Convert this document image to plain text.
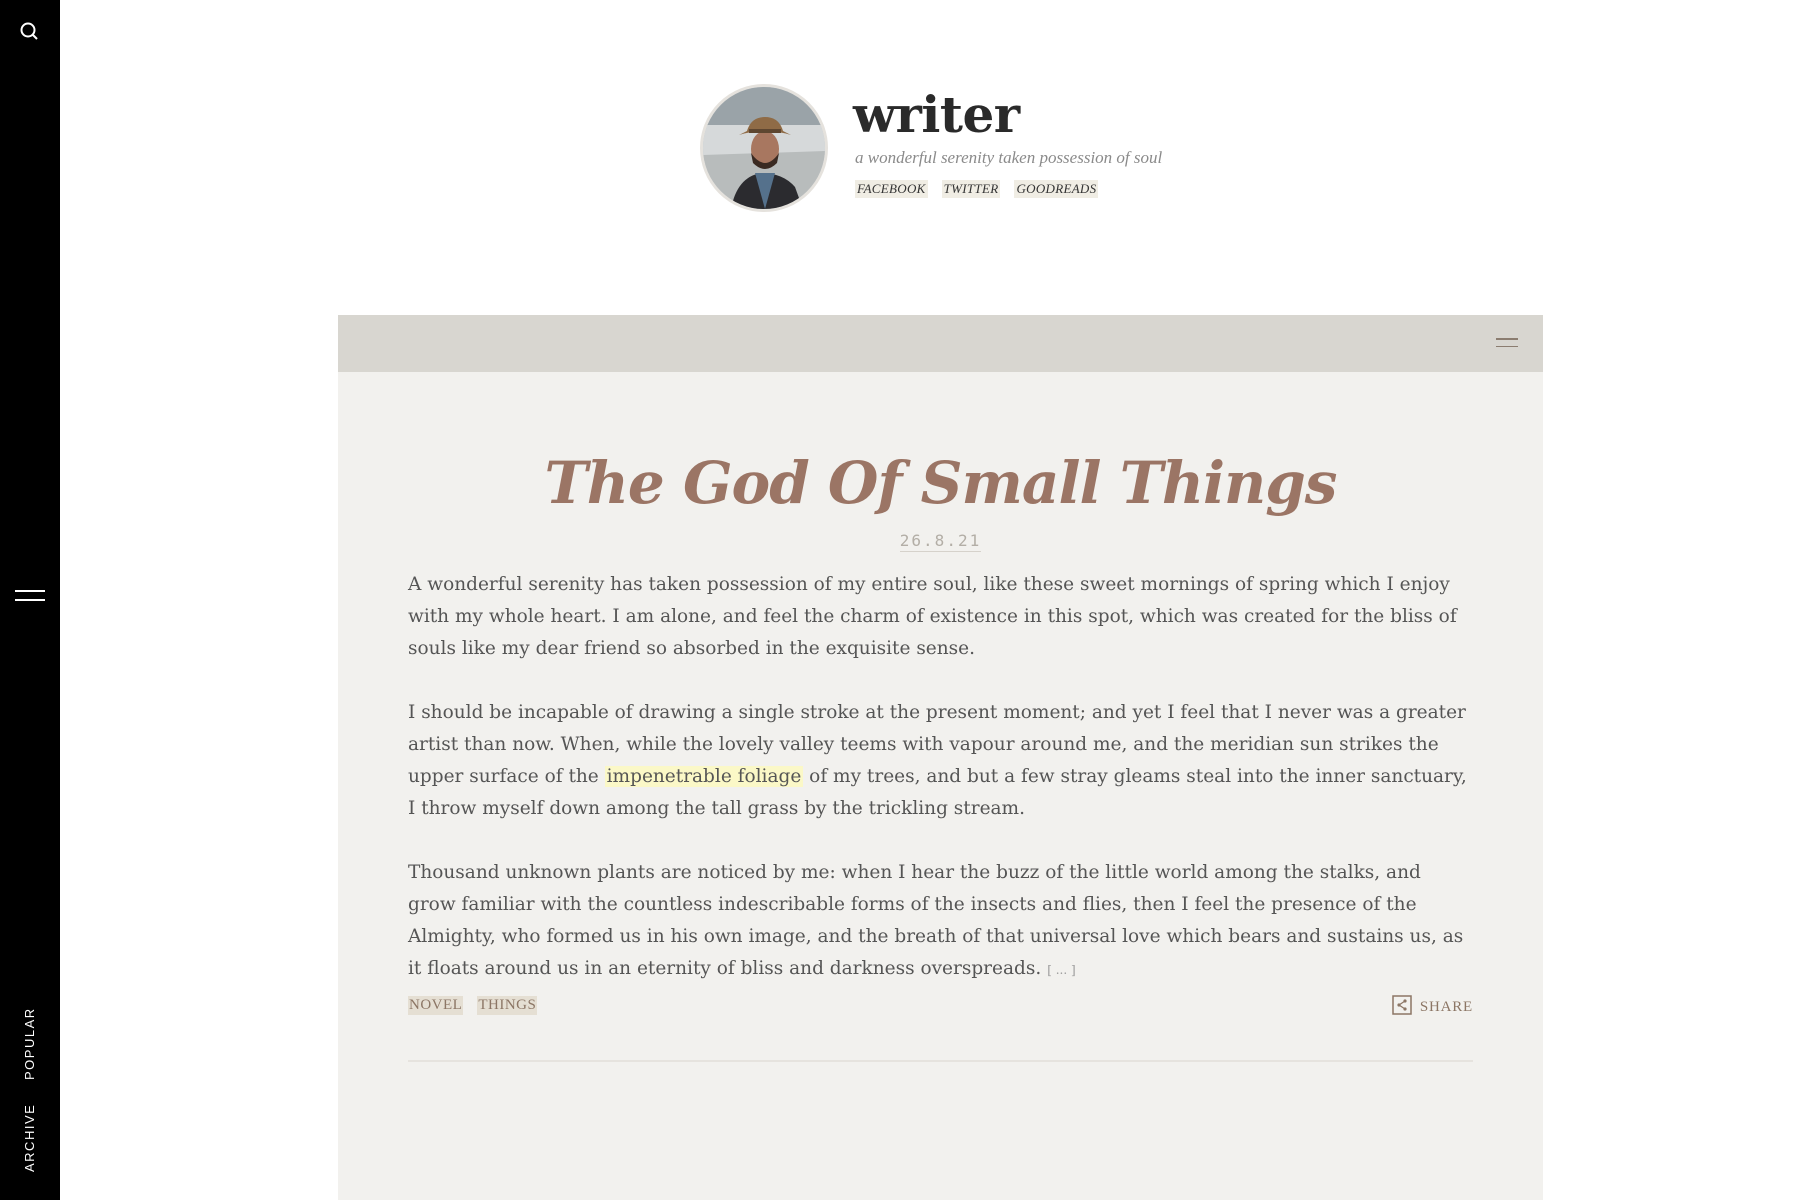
POPULAR
ARCHIVE
writer
a wonderful serenity taken possession of soul
FACEBOOK TWITTER GOODREADS
The God Of Small Things
26.8.21

A wonderful serenity has taken possession of my entire soul, like these sweet mornings of spring which I enjoy with my whole heart. I am alone, and feel the charm of existence in this spot, which was created for the bliss of souls like my dear friend so absorbed in the exquisite sense.

I should be incapable of drawing a single stroke at the present moment; and yet I feel that I never was a greater artist than now. When, while the lovely valley teems with vapour around me, and the meridian sun strikes the upper surface of the impenetrable foliage of my trees, and but a few stray gleams steal into the inner sanctuary, I throw myself down among the tall grass by the trickling stream.

Thousand unknown plants are noticed by me: when I hear the buzz of the little world among the stalks, and grow familiar with the countless indescribable forms of the insects and flies, then I feel the presence of the Almighty, who formed us in his own image, and the breath of that universal love which bears and sustains us, as it floats around us in an eternity of bliss and darkness overspreads. [ ... ]

NOVEL THINGS	SHARE
